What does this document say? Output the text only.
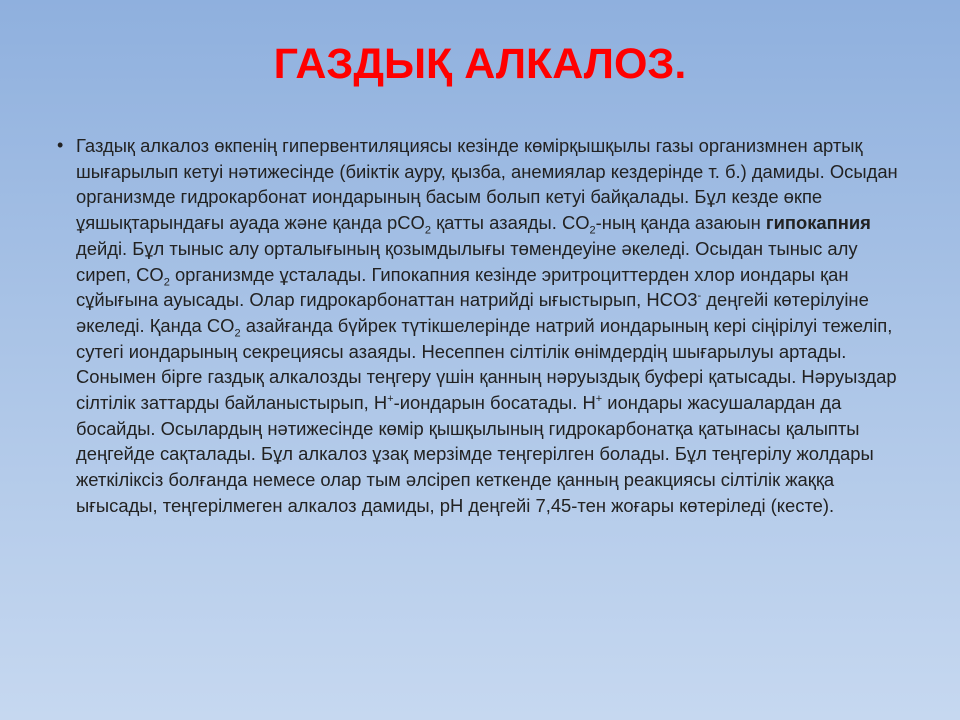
ГАЗДЫҚ АЛКАЛОЗ.
• Газдық алкалоз өкпенің гипервентиляциясы кезінде көмірқышқылы газы организмнен артық шығарылып кетуі нәтижесінде (биіктік ауру, қызба, анемиялар кездерінде т. б.) дамиды. Осыдан организмде гидрокарбонат иондарының басым болып кетуі байқалады. Бұл кезде өкпе ұяшықтарындағы ауада және қанда pCO$_2$ қатты азаяды. $CO_2$-ның қанда азаюын гипокапния дейді. Бұл тыныс алу орталығының қозымдылығы төмендеуіне әкеледі. Осыдан тыныс алу сиреп, $CO_2$ организмде ұсталады. Гипокапния кезінде эритроциттерден хлор иондары қан сұйығына ауысады. Олар гидрокарбонаттан натрийді ығыстырып, HCO3- деңгейі көтерілуіне әкеледі. Қанда $CO_2$ азайғанда бүйрек түтікшелерінде натрий иондарының кері сіңірілуі тежеліп, сутегі иондарының секрециясы азаяды. Несеппен сілтілік өнімдердің шығарылуы артады. Сонымен бірге газдық алкалозды теңгеру үшін қанның нәруыздық буфері қатысады. Нәруыздар сілтілік заттарды байланыстырып, H+-иондарын босатады. H+ иондары жасушалардан да босайды. Осылардың нәтижесінде көмір қышқылының гидрокарбонатқа қатынасы қалыпты деңгейде сақталады. Бұл алкалоз ұзақ мерзімде теңгерілген болады. Бұл теңгерілу жолдары жеткіліксіз болғанда немесе олар тым әлсіреп кеткенде қанның реакциясы сілтілік жаққа ығысады, теңгерілмеген алкалоз дамиды, pH деңгейі 7,45-тен жоғары көтеріледі (кесте).
